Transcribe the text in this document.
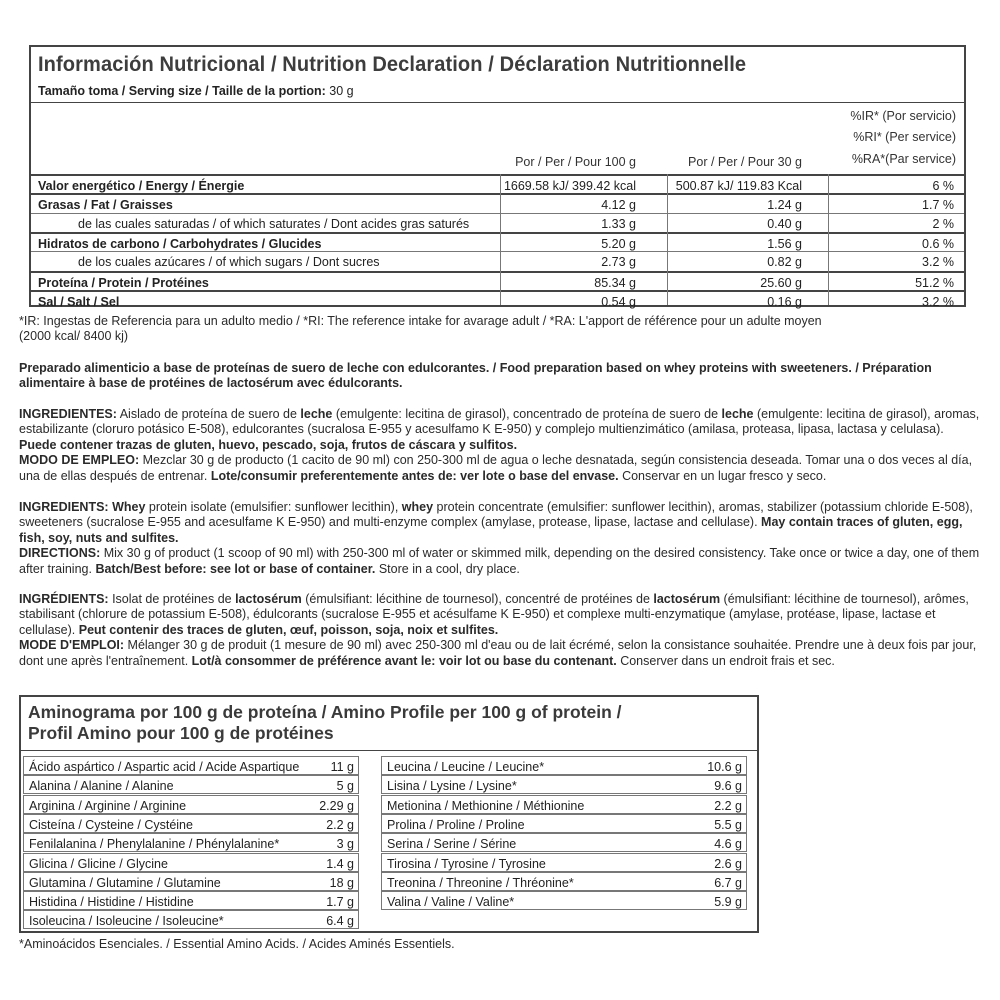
Información Nutricional / Nutrition Declaration / Déclaration Nutritionnelle
Tamaño toma / Serving size / Taille de la portion: 30 g
%IR* (Por servicio)
%RI* (Per service)
%RA*(Par service)
Por / Per / Pour 100 g	Por / Per / Pour 30 g
Valor energético / Energy / Énergie	1669.58 kJ/ 399.42 kcal	500.87 kJ/ 119.83 Kcal	6 %
Grasas / Fat / Graisses	4.12 g	1.24 g	1.7 %
de las cuales saturadas / of which saturates / Dont acides gras saturés	1.33 g	0.40 g	2 %
Hidratos de carbono / Carbohydrates / Glucides	5.20 g	1.56 g	0.6 %
de los cuales azúcares / of which sugars / Dont sucres	2.73 g	0.82 g	3.2 %
Proteína / Protein / Protéines	85.34 g	25.60 g	51.2 %
Sal / Salt / Sel	0.54 g	0.16 g	3.2 %
*IR: Ingestas de Referencia para un adulto medio / *RI: The reference intake for avarage adult / *RA: L'apport de référence pour un adulte moyen
(2000 kcal/ 8400 kj)
Preparado alimenticio a base de proteínas de suero de leche con edulcorantes. / Food preparation based on whey proteins with sweeteners. / Préparation alimentaire à base de protéines de lactosérum avec édulcorants.
INGREDIENTES: Aislado de proteína de suero de leche (emulgente: lecitina de girasol), concentrado de proteína de suero de leche (emulgente: lecitina de girasol), aromas, estabilizante (cloruro potásico E-508), edulcorantes (sucralosa E-955 y acesulfamo K E-950) y complejo multienzimático (amilasa, proteasa, lipasa, lactasa y celulasa). Puede contener trazas de gluten, huevo, pescado, soja, frutos de cáscara y sulfitos.
MODO DE EMPLEO: Mezclar 30 g de producto (1 cacito de 90 ml) con 250-300 ml de agua o leche desnatada, según consistencia deseada. Tomar una o dos veces al día, una de ellas después de entrenar. Lote/consumir preferentemente antes de: ver lote o base del envase. Conservar en un lugar fresco y seco.
INGREDIENTS: Whey protein isolate (emulsifier: sunflower lecithin), whey protein concentrate (emulsifier: sunflower lecithin), aromas, stabilizer (potassium chloride E-508), sweeteners (sucralose E-955 and acesulfame K E-950) and multi-enzyme complex (amylase, protease, lipase, lactase and cellulase). May contain traces of gluten, egg, fish, soy, nuts and sulfites.
DIRECTIONS: Mix 30 g of product (1 scoop of 90 ml) with 250-300 ml of water or skimmed milk, depending on the desired consistency. Take once or twice a day, one of them after training. Batch/Best before: see lot or base of container. Store in a cool, dry place.
INGRÉDIENTS: Isolat de protéines de lactosérum (émulsifiant: lécithine de tournesol), concentré de protéines de lactosérum (émulsifiant: lécithine de tournesol), arômes, stabilisant (chlorure de potassium E-508), édulcorants (sucralose E-955 et acésulfame K E-950) et complexe multi-enzymatique (amylase, protéase, lipase, lactase et cellulase). Peut contenir des traces de gluten, œuf, poisson, soja, noix et sulfites.
MODE D'EMPLOI: Mélanger 30 g de produit (1 mesure de 90 ml) avec 250-300 ml d'eau ou de lait écrémé, selon la consistance souhaitée. Prendre une à deux fois par jour, dont une après l'entraînement. Lot/à consommer de préférence avant le: voir lot ou base du contenant. Conserver dans un endroit frais et sec.
Aminograma por 100 g de proteína / Amino Profile per 100 g of protein /
Profil Amino pour 100 g de protéines
Ácido aspártico / Aspartic acid / Acide Aspartique	11 g
Alanina / Alanine / Alanine	5 g
Arginina / Arginine / Arginine	2.29 g
Cisteína / Cysteine / Cystéine	2.2 g
Fenilalanina / Phenylalanine / Phénylalanine*	3 g
Glicina / Glicine / Glycine	1.4 g
Glutamina / Glutamine / Glutamine	18 g
Histidina / Histidine / Histidine	1.7 g
Isoleucina / Isoleucine / Isoleucine*	6.4 g
Leucina / Leucine / Leucine*	10.6 g
Lisina / Lysine / Lysine*	9.6 g
Metionina / Methionine / Méthionine	2.2 g
Prolina / Proline / Proline	5.5 g
Serina / Serine / Sérine	4.6 g
Tirosina / Tyrosine / Tyrosine	2.6 g
Treonina / Threonine / Thréonine*	6.7 g
Valina / Valine / Valine*	5.9 g
*Aminoácidos Esenciales. / Essential Amino Acids. / Acides Aminés Essentiels.
